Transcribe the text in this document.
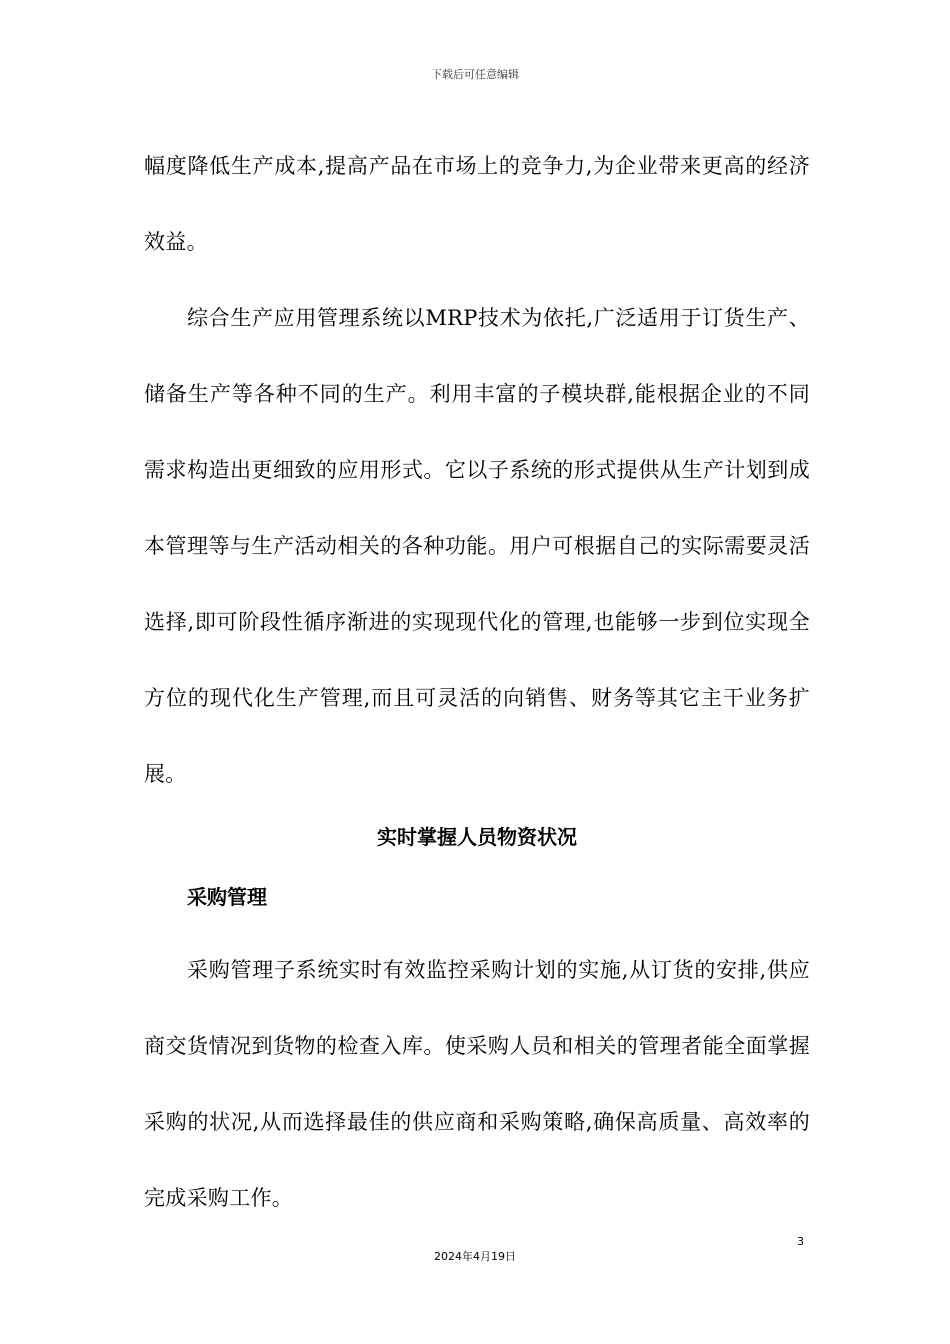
下载后可任意编辑

幅度降低生产成本,提高产品在市场上的竞争力,为企业带来更高的经济效益。

综合生产应用管理系统以MRP技术为依托,广泛适用于订货生产、储备生产等各种不同的生产。利用丰富的子模块群,能根据企业的不同需求构造出更细致的应用形式。它以子系统的形式提供从生产计划到成本管理等与生产活动相关的各种功能。用户可根据自己的实际需要灵活选择,即可阶段性循序渐进的实现现代化的管理,也能够一步到位实现全方位的现代化生产管理,而且可灵活的向销售、财务等其它主干业务扩展。

实时掌握人员物资状况
采购管理

采购管理子系统实时有效监控采购计划的实施,从订货的安排,供应商交货情况到货物的检查入库。使采购人员和相关的管理者能全面掌握采购的状况,从而选择最佳的供应商和采购策略,确保高质量、高效率的完成采购工作。

3
2024年4月19日
